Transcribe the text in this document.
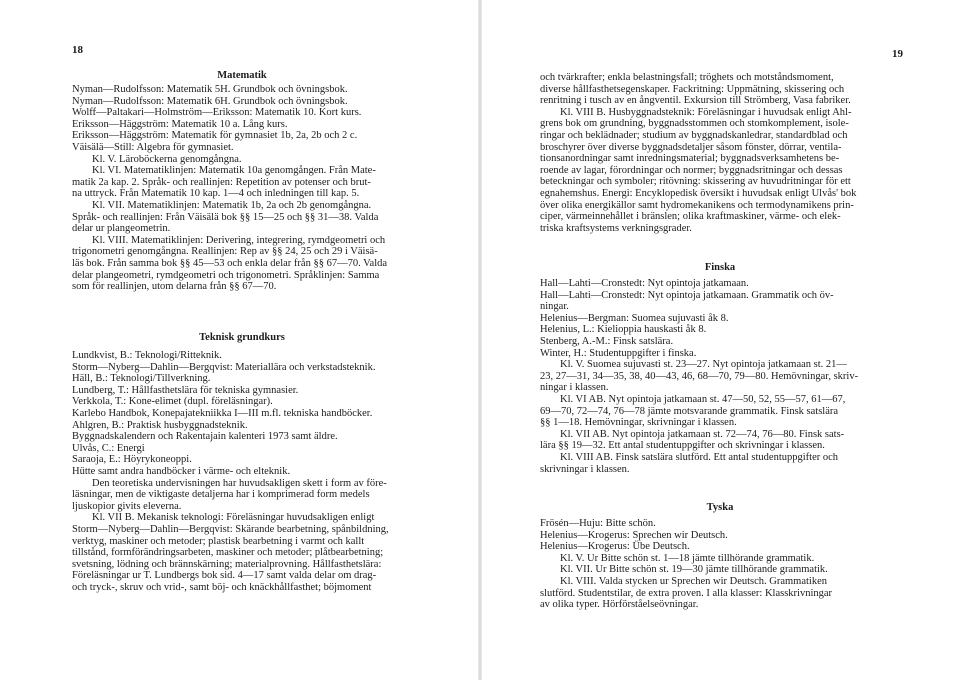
18
Matematik
Nyman—Rudolfsson: Matematik 5H. Grundbok och övningsbok.
Nyman—Rudolfsson: Matematik 6H. Grundbok och övningsbok.
Wolff—Paltakari—Holmström—Eriksson: Matematik 10. Kort kurs.
Eriksson—Häggström: Matematik 10 a. Lång kurs.
Eriksson—Häggström: Matematik för gymnasiet 1b, 2a, 2b och 2 c.
Väisälä—Still: Algebra för gymnasiet.
Kl. V. Läroböckerna genomgångna.
Kl. VI. Matematiklinjen: Matematik 10a genomgången. Från Mate-
matik 2a kap. 2. Språk- och reallinjen: Repetition av potenser och brut-
na uttryck. Från Matematik 10 kap. 1—4 och inledningen till kap. 5.
Kl. VII. Matematiklinjen: Matematik 1b, 2a och 2b genomgångna.
Språk- och reallinjen: Från Väisälä bok §§ 15—25 och §§ 31—38. Valda
delar ur plangeometrin.
Kl. VIII. Matematiklinjen: Derivering, integrering, rymdgeometri och
trigonometri genomgångna. Reallinjen: Rep av §§ 24, 25 och 29 i Väisä-
läs bok. Från samma bok §§ 45—53 och enkla delar från §§ 67—70. Valda
delar plangeometri, rymdgeometri och trigonometri. Språklinjen: Samma
som för reallinjen, utom delarna från §§ 67—70.
Teknisk grundkurs
Lundkvist, B.: Teknologi/Ritteknik.
Storm—Nyberg—Dahlin—Bergqvist: Materiallära och verkstadsteknik.
Häll, B.: Teknologi/Tillverkning.
Lundberg, T.: Hållfasthetslära för tekniska gymnasier.
Verkkola, T.: Kone-elimet (dupl. föreläsningar).
Karlebo Handbok, Konepajatekniikka I—III m.fl. tekniska handböcker.
Ahlgren, B.: Praktisk husbyggnadsteknik.
Byggnadskalendern och Rakentajain kalenteri 1973 samt äldre.
Ulvås, C.: Energi
Saraoja, E.: Höyrykoneoppi.
Hütte samt andra handböcker i värme- och elteknik.
Den teoretiska undervisningen har huvudsakligen skett i form av före-
läsningar, men de viktigaste detaljerna har i komprimerad form medels
ljuskopior givits eleverna.
Kl. VII B. Mekanisk teknologi: Föreläsningar huvudsakligen enligt
Storm—Nyberg—Dahlin—Bergqvist: Skärande bearbetning, spånbildning,
verktyg, maskiner och metoder; plastisk bearbetning i varmt och kallt
tillstånd, formförändringsarbeten, maskiner och metoder; plåtbearbetning;
svetsning, lödning och brännskärning; materialprovning. Hållfasthetslära:
Föreläsningar ur T. Lundbergs bok sid. 4—17 samt valda delar om drag-
och tryck-, skruv och vrid-, samt böj- och knäckhållfasthet; böjmoment
19
och tvärkrafter; enkla belastningsfall; tröghets och motståndsmoment,
diverse hållfasthetsegenskaper. Fackritning: Uppmätning, skissering och
renritning i tusch av en ångventil. Exkursion till Strömberg, Vasa fabriker.
Kl. VIII B. Husbyggnadsteknik: Föreläsningar i huvudsak enligt Ahl-
grens bok om grundning, byggnadsstommen och stomkomplement, isole-
ringar och beklädnader; studium av byggnadskanledrar, standardblad och
broschyrer över diverse byggnadsdetaljer såsom fönster, dörrar, ventila-
tionsanordningar samt inredningsmaterial; byggnadsverksamhetens be-
roende av lagar, förordningar och normer; byggnadsritningar och dessas
beteckningar och symboler; ritövning: skissering av huvudritningar för ett
egnahemshus. Energi: Encyklopedisk översikt i huvudsak enligt Ulvås' bok
över olika energikällor samt hydromekanikens och termodynamikens prin-
ciper, värmeinnehållet i bränslen; olika kraftmaskiner, värme- och elek-
triska kraftsystems verkningsgrader.
Finska
Hall—Lahti—Cronstedt: Nyt opintoja jatkamaan.
Hall—Lahti—Cronstedt: Nyt opintoja jatkamaan. Grammatik och öv-
ningar.
Helenius—Bergman: Suomea sujuvasti åk 8.
Helenius, L.: Kielioppia hauskasti åk 8.
Stenberg, A.-M.: Finsk satslära.
Winter, H.: Studentuppgifter i finska.
Kl. V. Suomea sujuvasti st. 23—27. Nyt opintoja jatkamaan st. 21—
23, 27—31, 34—35, 38, 40—43, 46, 68—70, 79—80. Hemövningar, skriv-
ningar i klassen.
Kl. VI AB. Nyt opintoja jatkamaan st. 47—50, 52, 55—57, 61—67,
69—70, 72—74, 76—78 jämte motsvarande grammatik. Finsk satslära
§§ 1—18. Hemövningar, skrivningar i klassen.
Kl. VII AB. Nyt opintoja jatkamaan st. 72—74, 76—80. Finsk sats-
lära §§ 19—32. Ett antal studentuppgifter och skrivningar i klassen.
Kl. VIII AB. Finsk satslära slutförd. Ett antal studentuppgifter och
skrivningar i klassen.
Tyska
Frösén—Huju: Bitte schön.
Helenius—Krogerus: Sprechen wir Deutsch.
Helenius—Krogerus: Übe Deutsch.
Kl. V. Ur Bitte schön st. 1—18 jämte tillhörande grammatik.
Kl. VII. Ur Bitte schön st. 19—30 jämte tillhörande grammatik.
Kl. VIII. Valda stycken ur Sprechen wir Deutsch. Grammatiken
slutförd. Studentstilar, de extra proven. I alla klasser: Klasskrivningar
av olika typer. Hörförståelseövningar.
